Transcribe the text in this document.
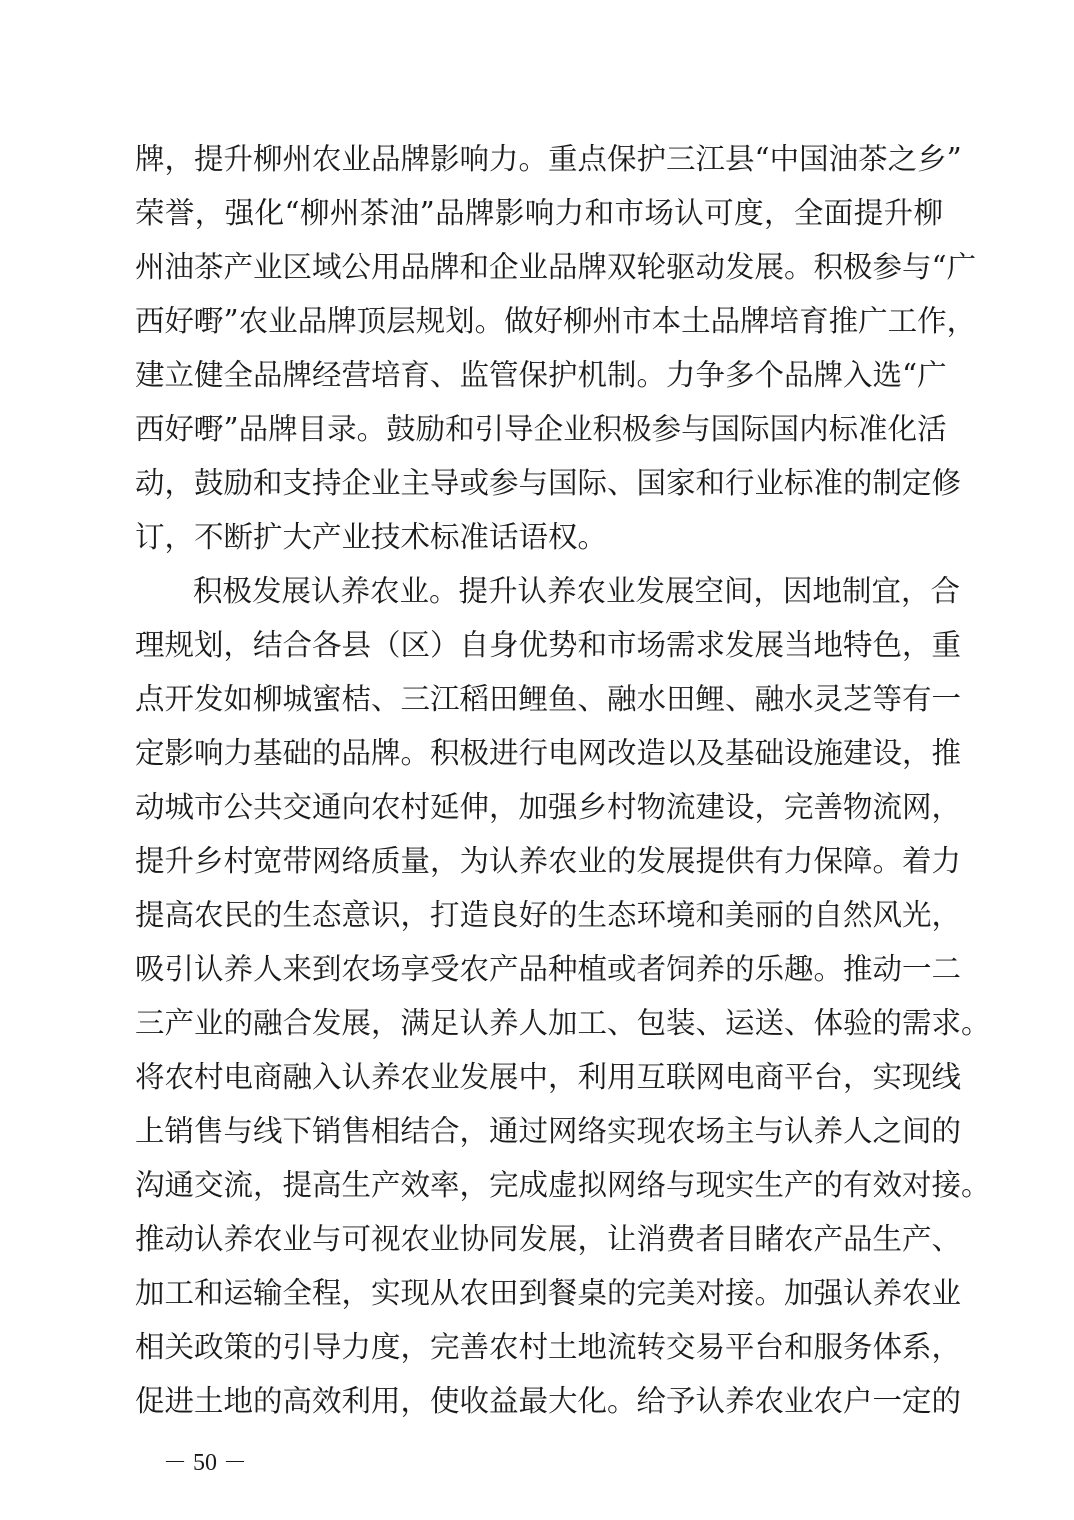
牌，提升柳州农业品牌影响力。重点保护三江县“中国油茶之乡”
荣誉，强化“柳州茶油”品牌影响力和市场认可度，全面提升柳
州油茶产业区域公用品牌和企业品牌双轮驱动发展。积极参与“广
西好嘢”农业品牌顶层规划。做好柳州市本土品牌培育推广工作，
建立健全品牌经营培育、监管保护机制。力争多个品牌入选“广
西好嘢”品牌目录。鼓励和引导企业积极参与国际国内标准化活
动，鼓励和支持企业主导或参与国际、国家和行业标准的制定修
订，不断扩大产业技术标准话语权。
积极发展认养农业。提升认养农业发展空间，因地制宜，合
理规划，结合各县（区）自身优势和市场需求发展当地特色，重
点开发如柳城蜜桔、三江稻田鲤鱼、融水田鲤、融水灵芝等有一
定影响力基础的品牌。积极进行电网改造以及基础设施建设，推
动城市公共交通向农村延伸，加强乡村物流建设，完善物流网，
提升乡村宽带网络质量，为认养农业的发展提供有力保障。着力
提高农民的生态意识，打造良好的生态环境和美丽的自然风光，
吸引认养人来到农场享受农产品种植或者饲养的乐趣。推动一二
三产业的融合发展，满足认养人加工、包装、运送、体验的需求。
将农村电商融入认养农业发展中，利用互联网电商平台，实现线
上销售与线下销售相结合，通过网络实现农场主与认养人之间的
沟通交流，提高生产效率，完成虚拟网络与现实生产的有效对接。
推动认养农业与可视农业协同发展，让消费者目睹农产品生产、
加工和运输全程，实现从农田到餐桌的完美对接。加强认养农业
相关政策的引导力度，完善农村土地流转交易平台和服务体系，
促进土地的高效利用，使收益最大化。给予认养农业农户一定的
－ 50 －
